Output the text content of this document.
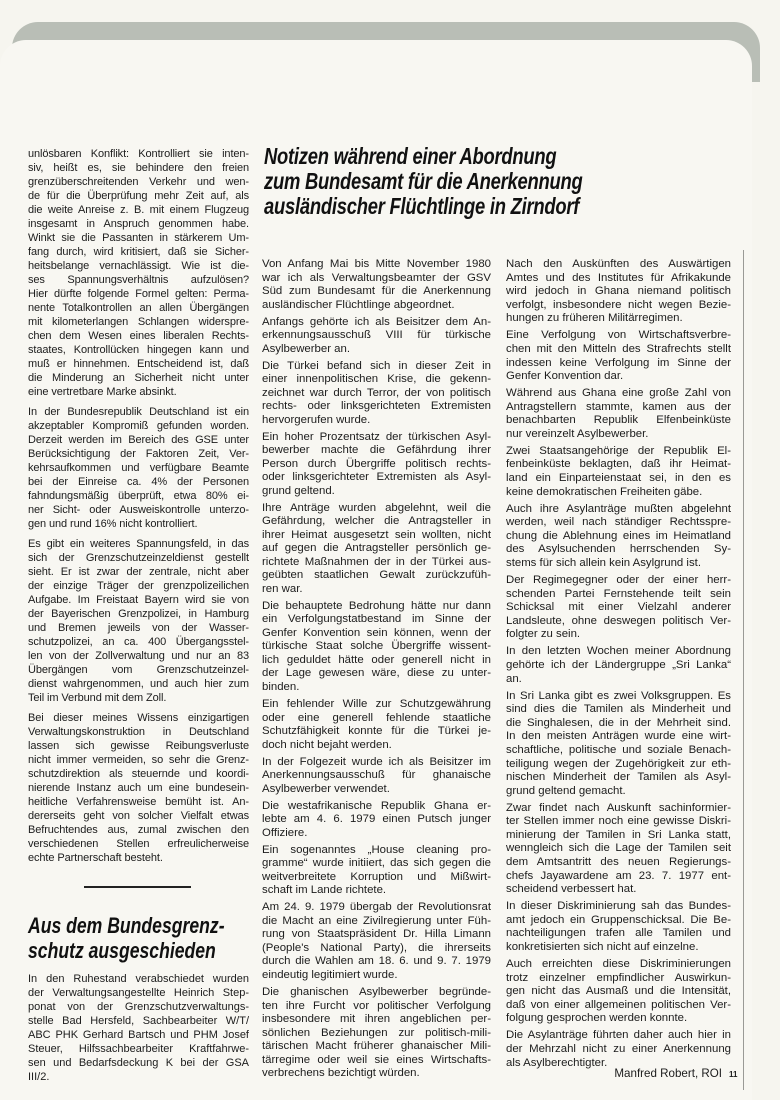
unlösbaren Konflikt: Kontrolliert sie inten-
siv, heißt es, sie behindere den freien
grenzüberschreitenden Verkehr und wen-
de für die Überprüfung mehr Zeit auf, als
die weite Anreise z. B. mit einem Flugzeug
insgesamt in Anspruch genommen habe.
Winkt sie die Passanten in stärkerem Um-
fang durch, wird kritisiert, daß sie Sicher-
heitsbelange vernachlässigt. Wie ist die-
ses Spannungsverhältnis aufzulösen?
Hier dürfte folgende Formel gelten: Perma-
nente Totalkontrollen an allen Übergängen
mit kilometerlangen Schlangen widerspre-
chen dem Wesen eines liberalen Rechts-
staates, Kontrollücken hingegen kann und
muß er hinnehmen. Entscheidend ist, daß
die Minderung an Sicherheit nicht unter
eine vertretbare Marke absinkt.
In der Bundesrepublik Deutschland ist ein
akzeptabler Kompromiß gefunden worden.
Derzeit werden im Bereich des GSE unter
Berücksichtigung der Faktoren Zeit, Ver-
kehrsaufkommen und verfügbare Beamte
bei der Einreise ca. 4% der Personen
fahndungsmäßig überprüft, etwa 80% ei-
ner Sicht- oder Ausweiskontrolle unterzo-
gen und rund 16% nicht kontrolliert.
Es gibt ein weiteres Spannungsfeld, in das
sich der Grenzschutzeinzeldienst gestellt
sieht. Er ist zwar der zentrale, nicht aber
der einzige Träger der grenzpolizeilichen
Aufgabe. Im Freistaat Bayern wird sie von
der Bayerischen Grenzpolizei, in Hamburg
und Bremen jeweils von der Wasser-
schutzpolizei, an ca. 400 Übergangsstel-
len von der Zollverwaltung und nur an 83
Übergängen vom Grenzschutzeinzel-
dienst wahrgenommen, und auch hier zum
Teil im Verbund mit dem Zoll.
Bei dieser meines Wissens einzigartigen
Verwaltungskonstruktion in Deutschland
lassen sich gewisse Reibungsverluste
nicht immer vermeiden, so sehr die Grenz-
schutzdirektion als steuernde und koordi-
nierende Instanz auch um eine bundesein-
heitliche Verfahrensweise bemüht ist. An-
dererseits geht von solcher Vielfalt etwas
Befruchtendes aus, zumal zwischen den
verschiedenen Stellen erfreulicherweise
echte Partnerschaft besteht.
Notizen während einer Abordnung
zum Bundesamt für die Anerkennung
ausländischer Flüchtlinge in Zirndorf
Von Anfang Mai bis Mitte November 1980
war ich als Verwaltungsbeamter der GSV
Süd zum Bundesamt für die Anerkennung
ausländischer Flüchtlinge abgeordnet.
Anfangs gehörte ich als Beisitzer dem An-
erkennungsausschuß VIII für türkische
Asylbewerber an.
Die Türkei befand sich in dieser Zeit in
einer innenpolitischen Krise, die gekenn-
zeichnet war durch Terror, der von politisch
rechts- oder linksgerichteten Extremisten
hervorgerufen wurde.
Ein hoher Prozentsatz der türkischen Asyl-
bewerber machte die Gefährdung ihrer
Person durch Übergriffe politisch rechts-
oder linksgerichteter Extremisten als Asyl-
grund geltend.
Ihre Anträge wurden abgelehnt, weil die
Gefährdung, welcher die Antragsteller in
ihrer Heimat ausgesetzt sein wollten, nicht
auf gegen die Antragsteller persönlich ge-
richtete Maßnahmen der in der Türkei aus-
geübten staatlichen Gewalt zurückzufüh-
ren war.
Die behauptete Bedrohung hätte nur dann
ein Verfolgungstatbestand im Sinne der
Genfer Konvention sein können, wenn der
türkische Staat solche Übergriffe wissent-
lich geduldet hätte oder generell nicht in
der Lage gewesen wäre, diese zu unter-
binden.
Ein fehlender Wille zur Schutzgewährung
oder eine generell fehlende staatliche
Schutzfähigkeit konnte für die Türkei je-
doch nicht bejaht werden.
In der Folgezeit wurde ich als Beisitzer im
Anerkennungsausschuß für ghanaische
Asylbewerber verwendet.
Die westafrikanische Republik Ghana er-
lebte am 4. 6. 1979 einen Putsch junger
Offiziere.
Ein sogenanntes „House cleaning pro-
gramme“ wurde initiiert, das sich gegen die
weitverbreitete Korruption und Mißwirt-
schaft im Lande richtete.
Am 24. 9. 1979 übergab der Revolutionsrat
die Macht an eine Zivilregierung unter Füh-
rung von Staatspräsident Dr. Hilla Limann
(People's National Party), die ihrerseits
durch die Wahlen am 18. 6. und 9. 7. 1979
eindeutig legitimiert wurde.
Die ghanischen Asylbewerber begründe-
ten ihre Furcht vor politischer Verfolgung
insbesondere mit ihren angeblichen per-
sönlichen Beziehungen zur politisch-mili-
tärischen Macht früherer ghanaischer Mili-
tärregime oder weil sie eines Wirtschafts-
verbrechens bezichtigt würden.
Nach den Auskünften des Auswärtigen
Amtes und des Institutes für Afrikakunde
wird jedoch in Ghana niemand politisch
verfolgt, insbesondere nicht wegen Bezie-
hungen zu früheren Militärregimen.
Eine Verfolgung von Wirtschaftsverbre-
chen mit den Mitteln des Strafrechts stellt
indessen keine Verfolgung im Sinne der
Genfer Konvention dar.
Während aus Ghana eine große Zahl von
Antragstellern stammte, kamen aus der
benachbarten Republik Elfenbeinküste
nur vereinzelt Asylbewerber.
Zwei Staatsangehörige der Republik El-
fenbeinküste beklagten, daß ihr Heimat-
land ein Einparteienstaat sei, in den es
keine demokratischen Freiheiten gäbe.
Auch ihre Asylanträge mußten abgelehnt
werden, weil nach ständiger Rechtsspre-
chung die Ablehnung eines im Heimatland
des Asylsuchenden herrschenden Sy-
stems für sich allein kein Asylgrund ist.
Der Regimegegner oder der einer herr-
schenden Partei Fernstehende teilt sein
Schicksal mit einer Vielzahl anderer
Landsleute, ohne deswegen politisch Ver-
folgter zu sein.
In den letzten Wochen meiner Abordnung
gehörte ich der Ländergruppe „Sri Lanka“
an.
In Sri Lanka gibt es zwei Volksgruppen. Es
sind dies die Tamilen als Minderheit und
die Singhalesen, die in der Mehrheit sind.
In den meisten Anträgen wurde eine wirt-
schaftliche, politische und soziale Benach-
teiligung wegen der Zugehörigkeit zur eth-
nischen Minderheit der Tamilen als Asyl-
grund geltend gemacht.
Zwar findet nach Auskunft sachinformier-
ter Stellen immer noch eine gewisse Diskri-
minierung der Tamilen in Sri Lanka statt,
wenngleich sich die Lage der Tamilen seit
dem Amtsantritt des neuen Regierungs-
chefs Jayawardene am 23. 7. 1977 ent-
scheidend verbessert hat.
In dieser Diskriminierung sah das Bundes-
amt jedoch ein Gruppenschicksal. Die Be-
nachteiligungen trafen alle Tamilen und
konkretisierten sich nicht auf einzelne.
Auch erreichten diese Diskriminierungen
trotz einzelner empfindlicher Auswirkun-
gen nicht das Ausmaß und die Intensität,
daß von einer allgemeinen politischen Ver-
folgung gesprochen werden konnte.
Die Asylanträge führten daher auch hier in
der Mehrzahl nicht zu einer Anerkennung
als Asylberechtigter.
Aus dem Bundesgrenz-
schutz ausgeschieden
In den Ruhestand verabschiedet wurden
der Verwaltungsangestellte Heinrich Step-
ponat von der Grenzschutzverwaltungs-
stelle Bad Hersfeld, Sachbearbeiter W/T/
ABC PHK Gerhard Bartsch und PHM Josef
Steuer, Hilfssachbearbeiter Kraftfahrwe-
sen und Bedarfsdeckung K bei der GSA
III/2.	Manfred Robert, ROI 11
